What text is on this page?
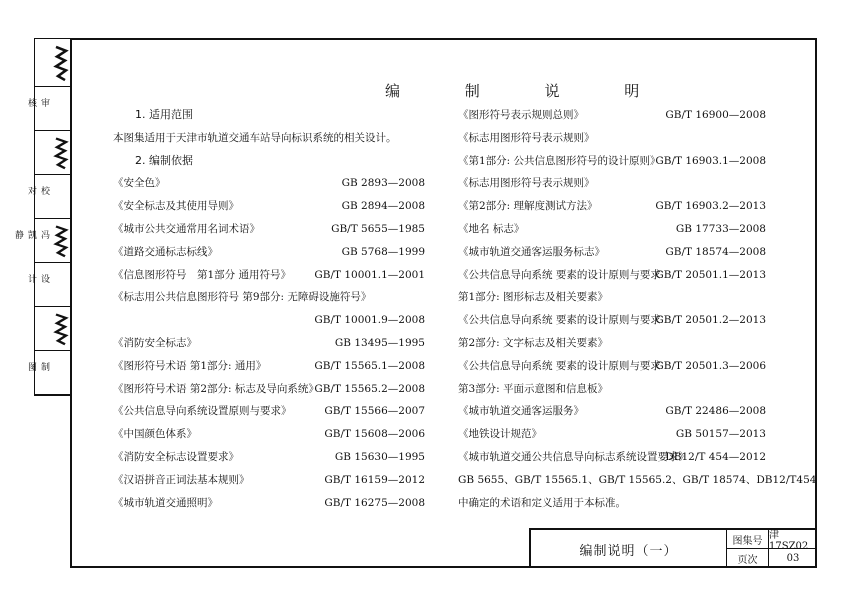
审核
校对
冯凯静
设计
制图
编 制 说 明
1. 适用范围
本图集适用于天津市轨道交通车站导向标识系统的相关设计。
2. 编制依据
《安全色》	GB 2893—2008
《安全标志及其使用导则》	GB 2894—2008
《城市公共交通常用名词术语》	GB/T 5655—1985
《道路交通标志标线》	GB 5768—1999
《信息图形符号　第1部分 通用符号》 GB/T 10001.1—2001
《标志用公共信息图形符号 第9部分: 无障碍设施符号》
GB/T 10001.9—2008
《消防安全标志》	GB 13495—1995
《图形符号术语 第1部分: 通用》	GB/T 15565.1—2008
《图形符号术语 第2部分: 标志及导向系统》
GB/T 15565.2—2008
《公共信息导向系统设置原则与要求》	GB/T 15566—2007
《中国颜色体系》	GB/T 15608—2006
《消防安全标志设置要求》	GB 15630—1995
《汉语拼音正词法基本规则》	GB/T 16159—2012
《城市轨道交通照明》	GB/T 16275—2008
《图形符号表示规则总则》	GB/T 16900—2008
《标志用图形符号表示规则》
《第1部分: 公共信息图形符号的设计原则》
GB/T 16903.1—2008
《标志用图形符号表示规则》
《第2部分: 理解度测试方法》	GB/T 16903.2—2013
《地名 标志》	GB 17733—2008
《城市轨道交通客运服务标志》	GB/T 18574—2008
《公共信息导向系统 要素的设计原则与要求
GB/T 20501.1—2013
第1部分: 图形标志及相关要素》
《公共信息导向系统 要素的设计原则与要求
GB/T 20501.2—2013
第2部分: 文字标志及相关要素》
《公共信息导向系统 要素的设计原则与要求
GB/T 20501.3—2006
第3部分: 平面示意图和信息板》
《城市轨道交通客运服务》	GB/T 22486—2008
《地铁设计规范》	GB 50157—2013
《城市轨道交通公共信息导向标志系统设置要求》
DB12/T 454—2012
GB 5655、GB/T 15565.1、GB/T 15565.2、GB/T 18574、DB12/T454
中确定的术语和定义适用于本标准。
编制说明（一）
图集号 津17SZ02
页次	03
